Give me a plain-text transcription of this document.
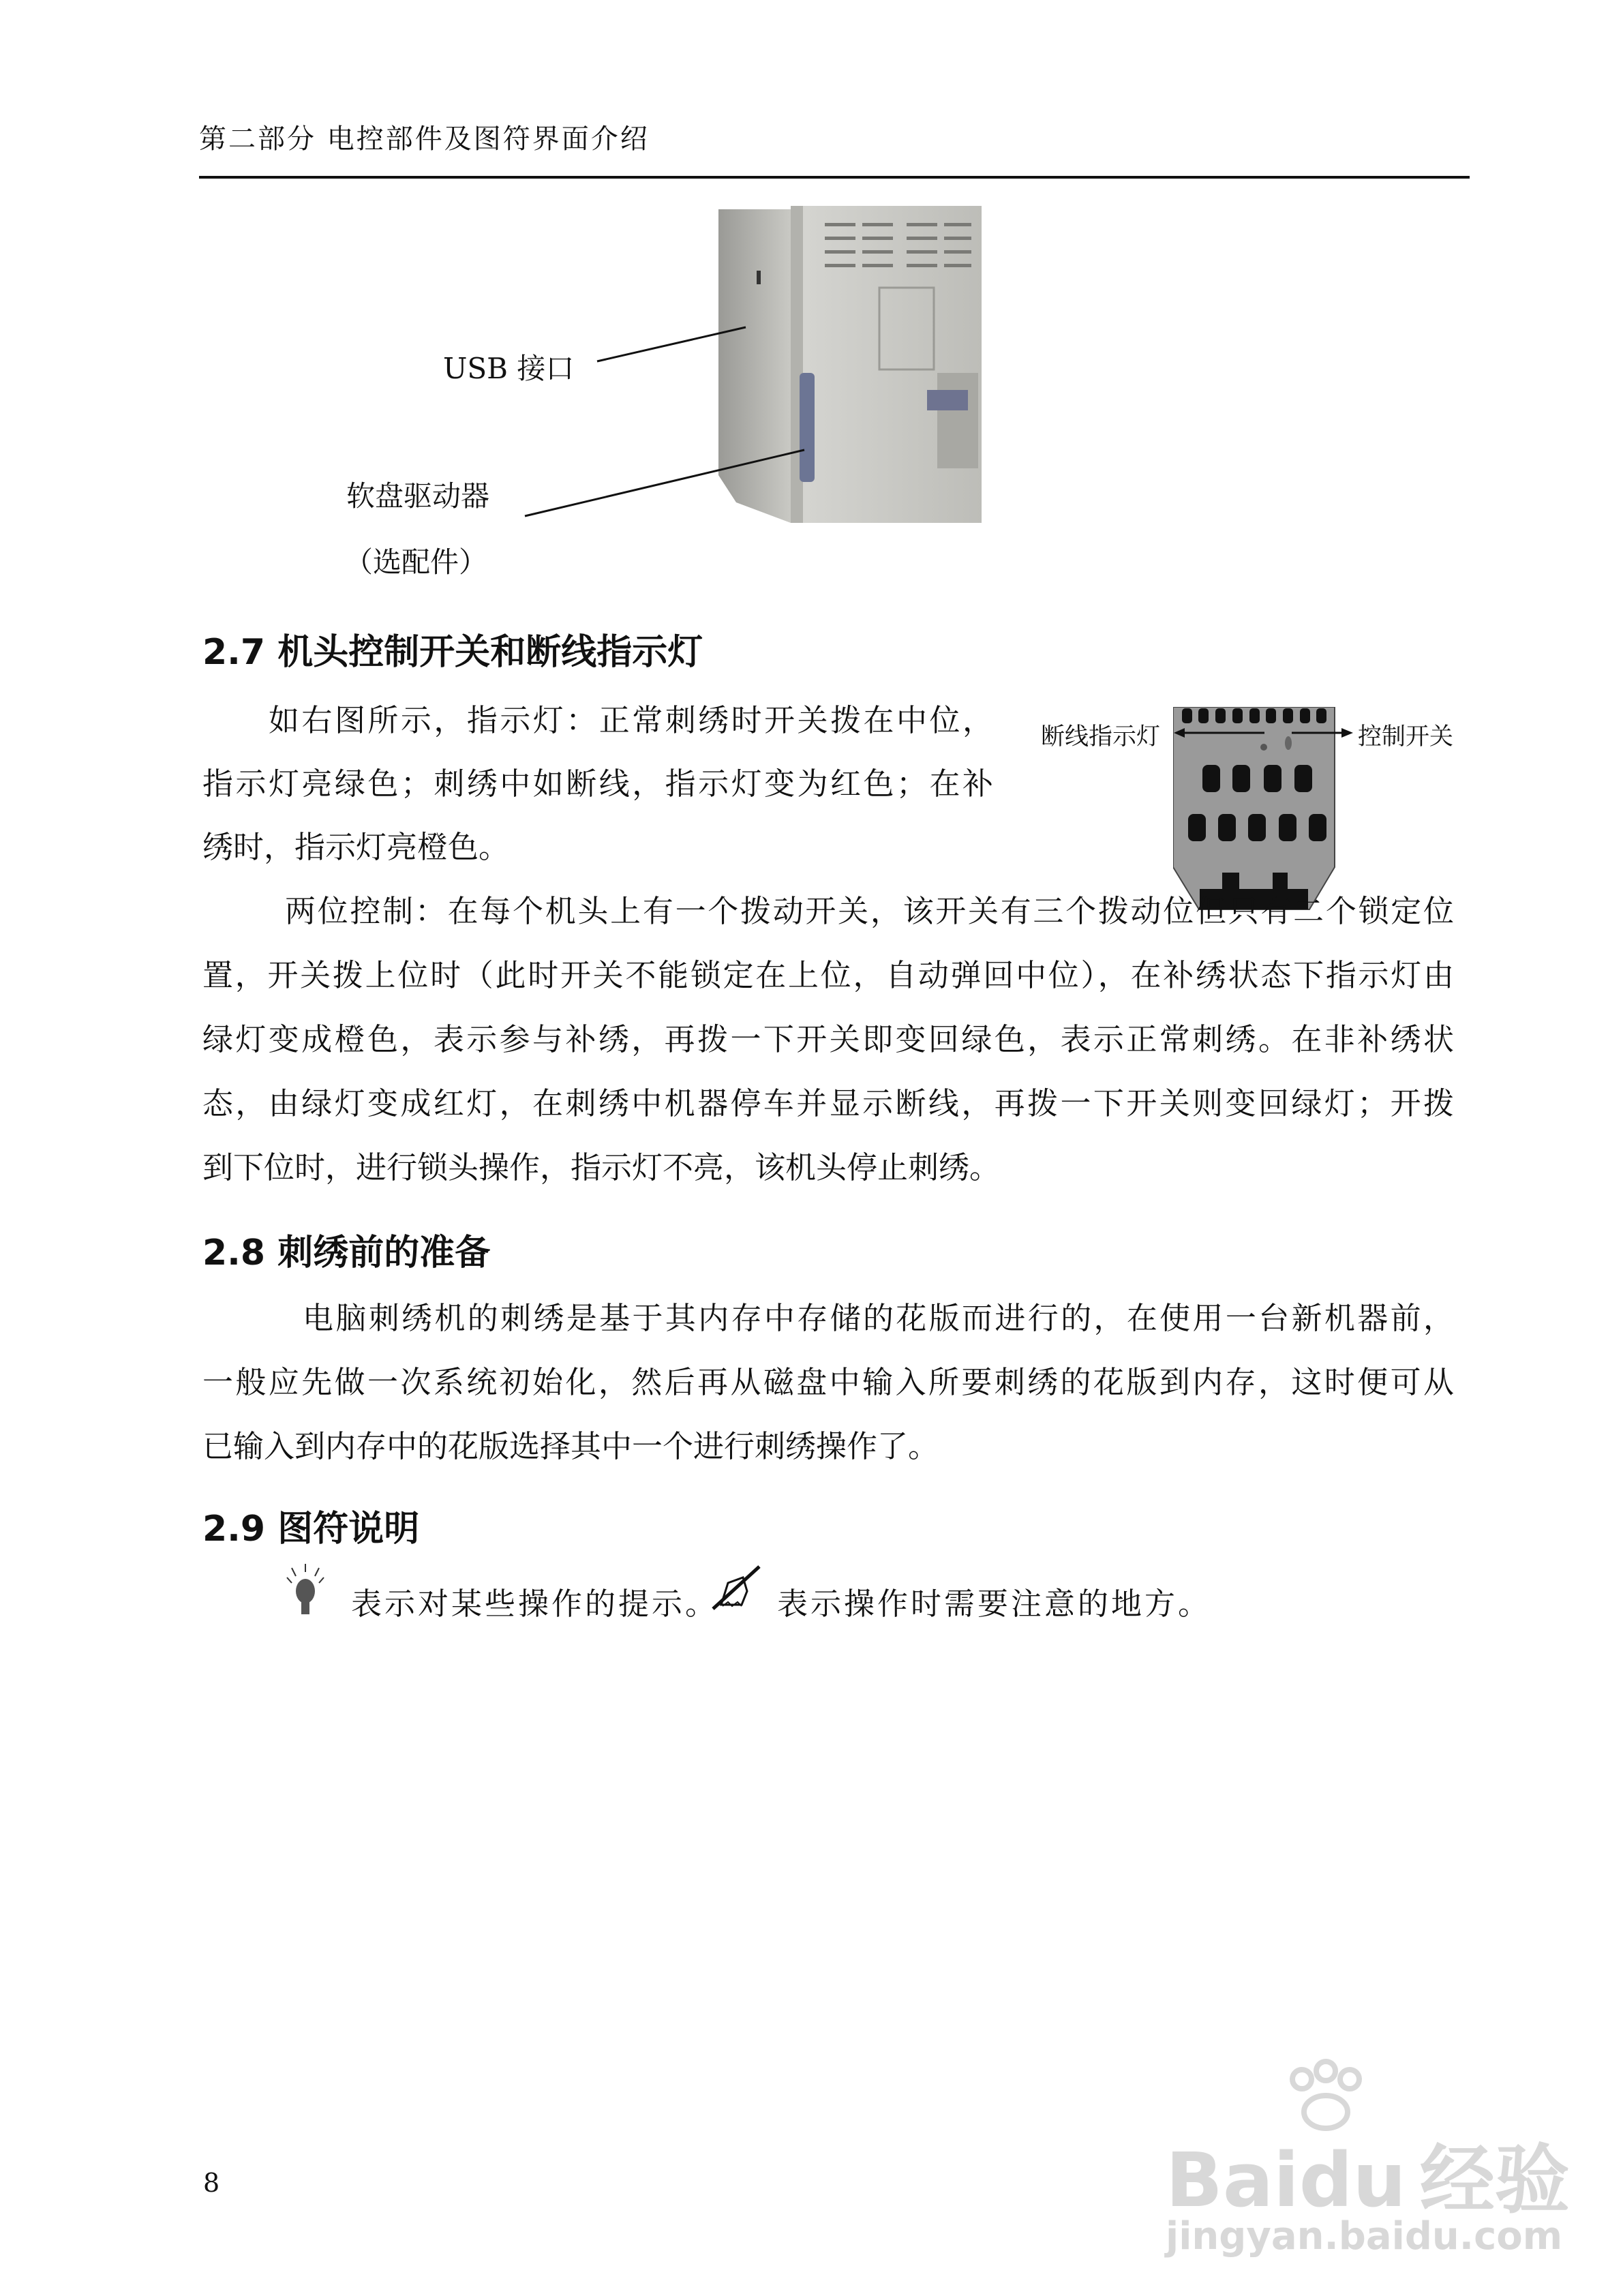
第二部分 电控部件及图符界面介绍
USB 接口
软盘驱动器
（选配件）
2.7 机头控制开关和断线指示灯
如右图所示，指示灯：正常刺绣时开关拨在中位，
指示灯亮绿色；刺绣中如断线，指示灯变为红色；在补
绣时，指示灯亮橙色。
断线指示灯	控制开关
两位控制：在每个机头上有一个拨动开关，该开关有三个拨动位但只有二个锁定位
置，开关拨上位时（此时开关不能锁定在上位，自动弹回中位），在补绣状态下指示灯由
绿灯变成橙色，表示参与补绣，再拨一下开关即变回绿色，表示正常刺绣。在非补绣状
态，由绿灯变成红灯，在刺绣中机器停车并显示断线，再拨一下开关则变回绿灯；开拨
到下位时，进行锁头操作，指示灯不亮，该机头停止刺绣。
2.8 刺绣前的准备
电脑刺绣机的刺绣是基于其内存中存储的花版而进行的，在使用一台新机器前，
一般应先做一次系统初始化，然后再从磁盘中输入所要刺绣的花版到内存，这时便可从
已输入到内存中的花版选择其中一个进行刺绣操作了。
2.9 图符说明
表示对某些操作的提示。 表示操作时需要注意的地方。
8	Baidu 经验
jingyan.baidu.com
